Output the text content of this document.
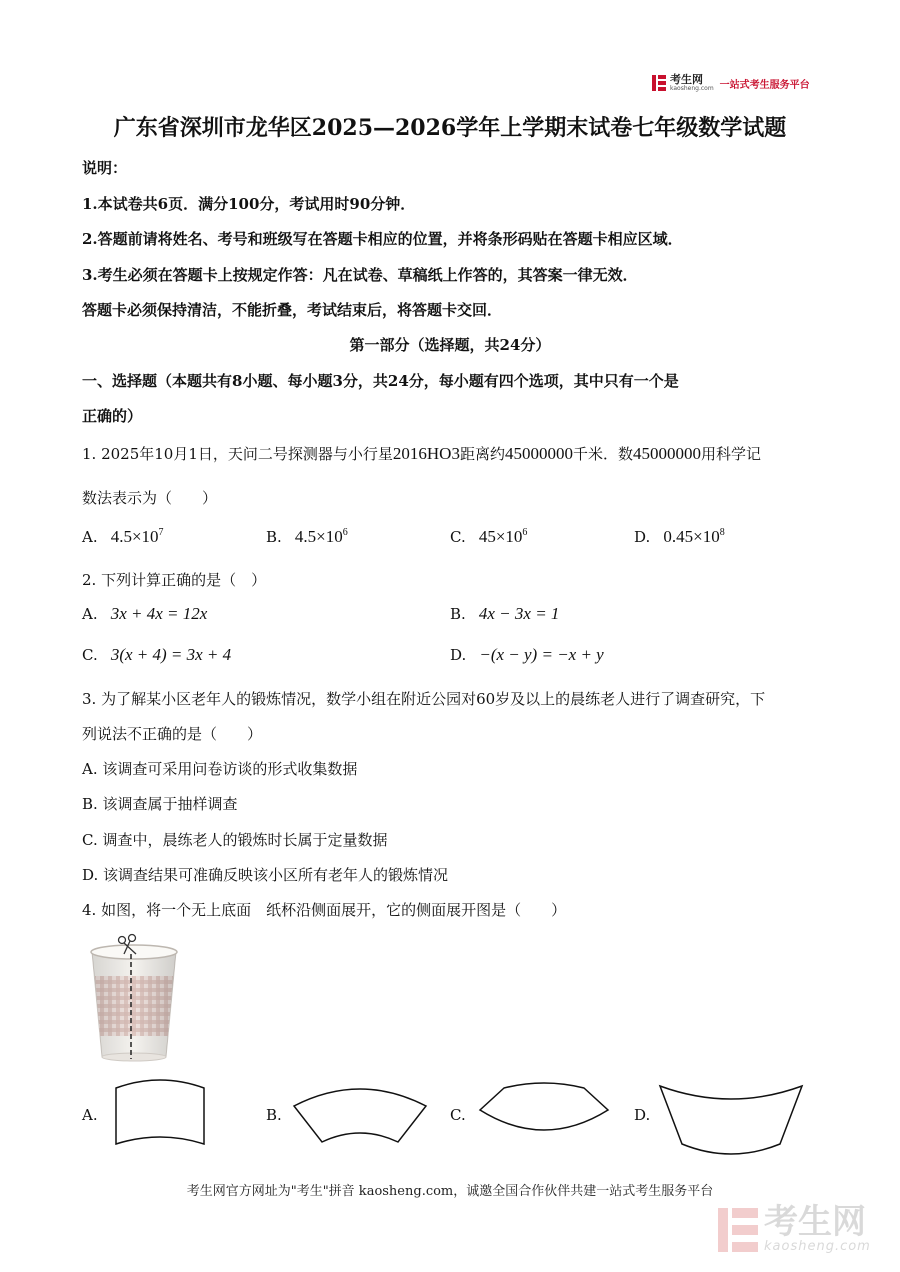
考生网
kaosheng.com 一站式考生服务平台
广东省深圳市龙华区2025—2026学年上学期末试卷七年级数学试题
说明：
1.本试卷共6页．满分100分，考试用时90分钟．
2.答题前请将姓名、考号和班级写在答题卡相应的位置，并将条形码贴在答题卡相应区域．
3.考生必须在答题卡上按规定作答：凡在试卷、草稿纸上作答的，其答案一律无效．
答题卡必须保持清洁，不能折叠，考试结束后，将答题卡交回．
第一部分（选择题，共24分）
一、选择题（本题共有8小题、每小题3分，共24分，每小题有四个选项，其中只有一个是
正确的）
1. 2025年10月1日，天问二号探测器与小行星2016HO3距离约45000000千米．数45000000用科学记
数法表示为（　　）
A. $4.5\times 10^7$	B. $4.5\times 10^6$	C. $45\times 10^6$	D. $0.45\times 10^8$
2. 下列计算正确的是（　）
A. 3x + 4x = 12x	B. 4x − 3x = 1
C. 3(x + 4) = 3x + 4	D. −(x − y) = −x + y
3. 为了解某小区老年人的锻炼情况，数学小组在附近公园对60岁及以上的晨练老人进行了调查研究，下
列说法不正确的是（　　）
A. 该调查可采用问卷访谈的形式收集数据
B. 该调查属于抽样调查
C. 调查中，晨练老人的锻炼时长属于定量数据
D. 该调查结果可准确反映该小区所有老年人的锻炼情况
4. 如图，将一个无上底面　纸杯沿侧面展开，它的侧面展开图是（　　）
A.	B.	C.	D.
考生网官方网址为"考生"拼音 kaosheng.com，诚邀全国合作伙伴共建一站式考生服务平台
考生网
kaosheng.com
